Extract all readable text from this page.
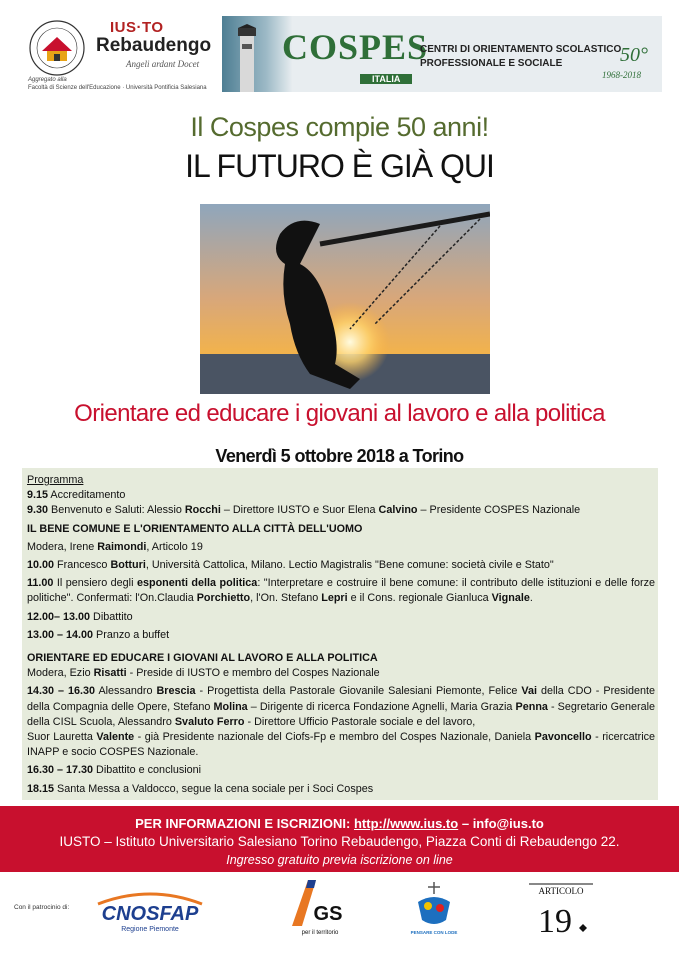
IUS·TO
Rebaudengo
Angeli ardant Docet
Aggregato alla
Facoltà di Scienze dell'Educazione · Università Pontificia Salesiana
COSPES
ITALIA
CENTRI DI ORIENTAMENTO SCOLASTICO
PROFESSIONALE E SOCIALE	50°
1968-2018
Il Cospes compie 50 anni!
IL FUTURO È GIÀ QUI
Orientare ed educare i giovani al lavoro e alla politica
Venerdì 5 ottobre 2018 a Torino

Programma

9.15 Accreditamento

9.30 Benvenuto e Saluti: Alessio Rocchi – Direttore IUSTO e Suor Elena Calvino – Presidente COSPES Nazionale

IL BENE COMUNE E L'ORIENTAMENTO ALLA CITTÀ DELL'UOMO

Modera, Irene Raimondi, Articolo 19

10.00 Francesco Botturi, Università Cattolica, Milano. Lectio Magistralis "Bene comune: società civile e Stato"

11.00 Il pensiero degli esponenti della politica: "Interpretare e costruire il bene comune: il contributo delle istituzioni e delle forze politiche". Confermati: l'On.Claudia Porchietto, l'On. Stefano Lepri e il Cons. regionale Gianluca Vignale.

12.00– 13.00 Dibattito

13.00 – 14.00 Pranzo a buffet

ORIENTARE ED EDUCARE I GIOVANI AL LAVORO E ALLA POLITICA

Modera, Ezio Risatti - Preside di IUSTO e membro del Cospes Nazionale

14.30 – 16.30 Alessandro Brescia - Progettista della Pastorale Giovanile Salesiani Piemonte, Felice Vai della CDO - Presidente della Compagnia delle Opere, Stefano Molina – Dirigente di ricerca Fondazione Agnelli, Maria Grazia Penna - Segretario Generale della CISL Scuola, Alessandro Svaluto Ferro - Direttore Ufficio Pastorale sociale e del lavoro,

Suor Lauretta Valente - già Presidente nazionale del Ciofs-Fp e membro del Cospes Nazionale, Daniela Pavoncello - ricercatrice INAPP e socio COSPES Nazionale.

16.30 – 17.30 Dibattito e conclusioni

18.15 Santa Messa a Valdocco, segue la cena sociale per i Soci Cospes

PER INFORMAZIONI E ISCRIZIONI: http://www.ius.to – info@ius.to
IUSTO – Istituto Universitario Salesiano Torino Rebaudengo, Piazza Conti di Rebaudengo 22.
Ingresso gratuito previa iscrizione on line
Con il patrocinio di: CNOSFAP
Regione Piemonte
GS
per il territorio	PENSARE CON LODE
ARTICOLO
19
